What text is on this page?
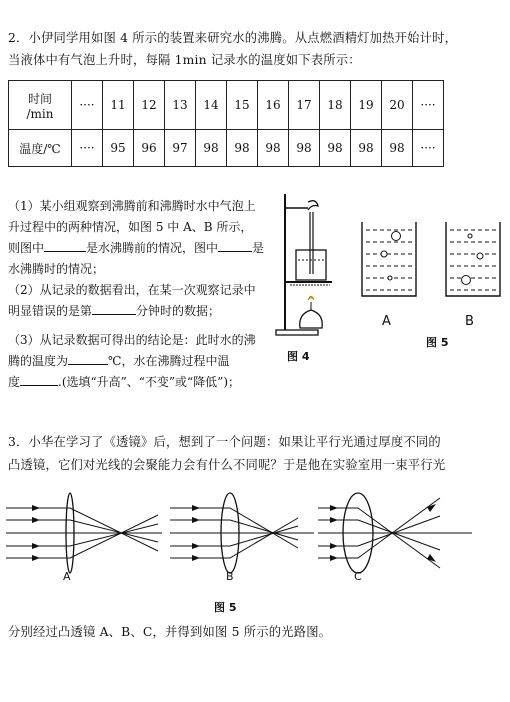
2．小伊同学用如图 4 所示的装置来研究水的沸腾。从点燃酒精灯加热开始计时，
当液体中有气泡上升时，每隔 1min 记录水的温度如下表所示：
时间
/min	····	11	12	13	14	15	16	17	18	19	20	····
温度/℃	····	95	96	97	98	98	98	98	98	98	98	····
（1）某小组观察到沸腾前和沸腾时水中气泡上
升过程中的两种情况，如图 5 中 A、B 所示，
则图中	是水沸腾前的情况，图中	是
水沸腾时的情况；
（2）从记录的数据看出，在某一次观察记录中
明显错误的是第	分钟时的数据；
（3）从记录数据可得出的结论是：此时水的沸
腾的温度为	℃，水在沸腾过程中温
度	.(选填“升高”、“不变”或“降低”)；
图 4
A
图 5
B
3．小华在学习了《透镜》后，想到了一个问题：如果让平行光通过厚度不同的
凸透镜，它们对光线的会聚能力会有什么不同呢？于是他在实验室用一束平行光
A	B	C
图 5
分别经过凸透镜 A、B、C，并得到如图 5 所示的光路图。
